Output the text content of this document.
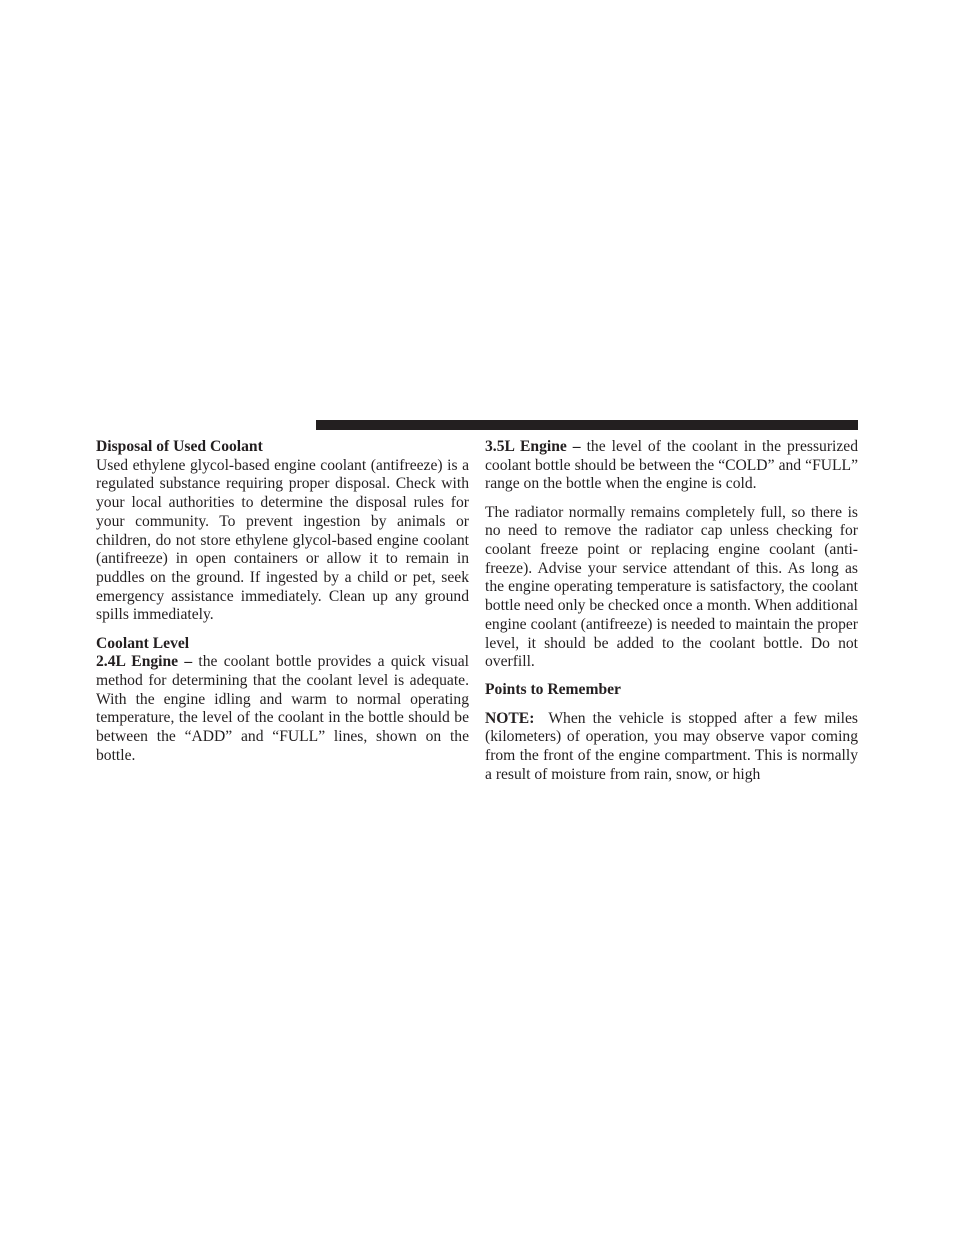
Disposal of Used Coolant

Used ethylene glycol-based engine coolant (antifreeze) is a regulated substance requiring proper disposal. Check with your local authorities to determine the disposal rules for your community. To prevent ingestion by animals or children, do not store ethylene glycol-based engine coolant (antifreeze) in open containers or allow it to remain in puddles on the ground. If ingested by a child or pet, seek emergency assistance immediately. Clean up any ground spills immediately.

Coolant Level

2.4L Engine – the coolant bottle provides a quick visual method for determining that the coolant level is adequate. With the engine idling and warm to normal operating temperature, the level of the coolant in the bottle should be between the “ADD” and “FULL” lines, shown on the bottle.

3.5L Engine – the level of the coolant in the pressurized coolant bottle should be between the “COLD” and “FULL” range on the bottle when the engine is cold.

The radiator normally remains completely full, so there is no need to remove the radiator cap unless checking for coolant freeze point or replacing engine coolant (antifreeze). Advise your service attendant of this. As long as the engine operating temperature is satisfactory, the coolant bottle need only be checked once a month. When additional engine coolant (antifreeze) is needed to maintain the proper level, it should be added to the coolant bottle. Do not overfill.

Points to Remember

NOTE:  When the vehicle is stopped after a few miles (kilometers) of operation, you may observe vapor coming from the front of the engine compartment. This is normally a result of moisture from rain, snow, or high
